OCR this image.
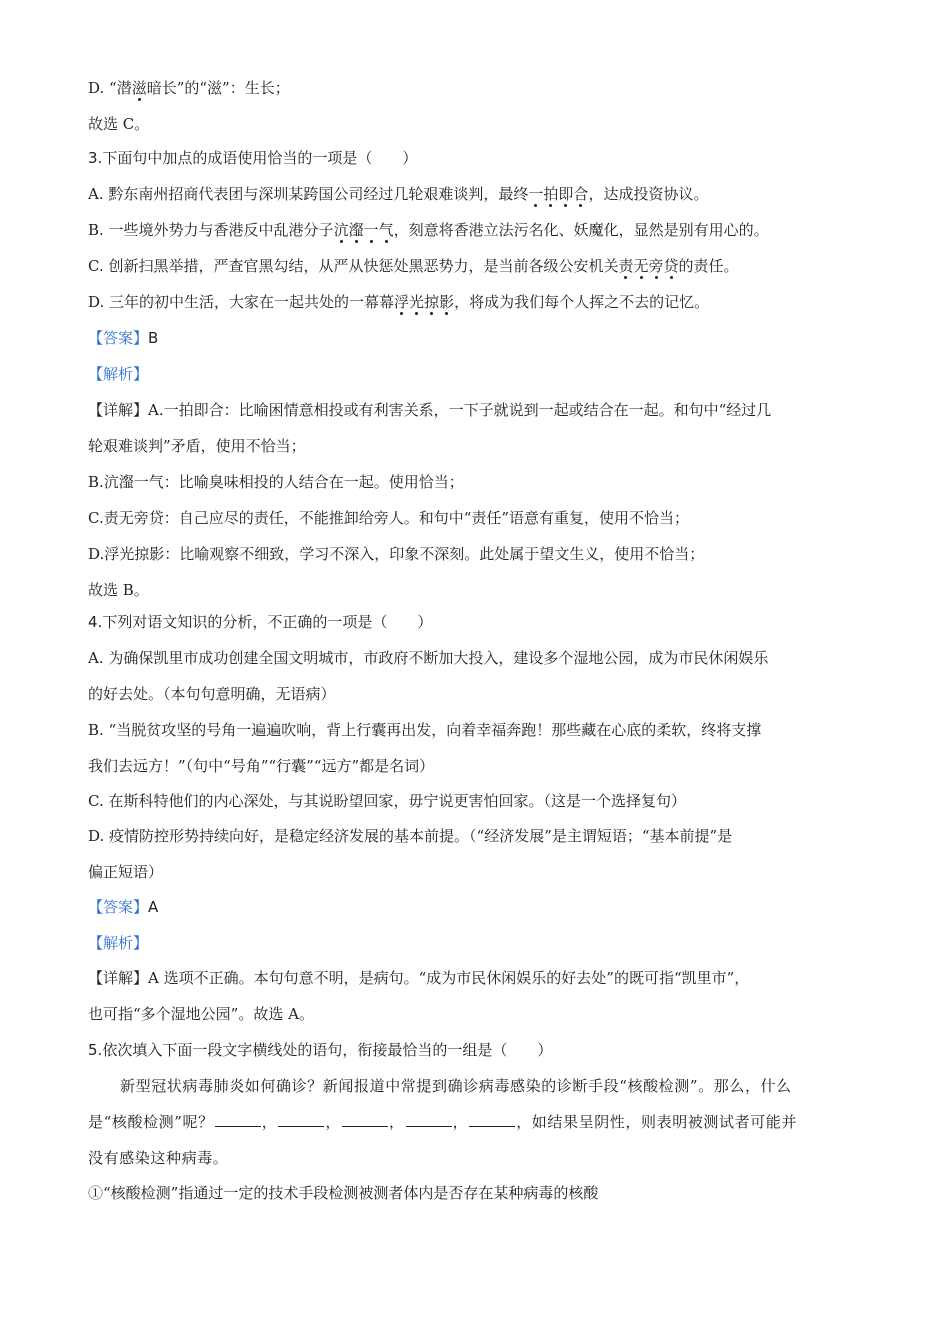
D. “潜滋暗长”的“滋”：生长；
故选 C。
3.下面句中加点的成语使用恰当的一项是（　　）
A. 黔东南州招商代表团与深圳某跨国公司经过几轮艰难谈判，最终一拍即合，达成投资协议。
B. 一些境外势力与香港反中乱港分子沆瀣一气，刻意将香港立法污名化、妖魔化，显然是别有用心的。
C. 创新扫黑举措，严查官黑勾结，从严从快惩处黑恶势力，是当前各级公安机关责无旁贷的责任。
D. 三年的初中生活，大家在一起共处的一幕幕浮光掠影，将成为我们每个人挥之不去的记忆。
【答案】B
【解析】
【详解】A.一拍即合：比喻困情意相投或有利害关系，一下子就说到一起或结合在一起。和句中“经过几
轮艰难谈判”矛盾，使用不恰当；
B.沆瀣一气：比喻臭味相投的人结合在一起。使用恰当；
C.责无旁贷：自己应尽的责任，不能推卸给旁人。和句中“责任”语意有重复，使用不恰当；
D.浮光掠影：比喻观察不细致，学习不深入，印象不深刻。此处属于望文生义，使用不恰当；
故选 B。
4.下列对语文知识的分析，不正确的一项是（　　）
A. 为确保凯里市成功创建全国文明城市，市政府不断加大投入，建设多个湿地公园，成为市民休闲娱乐
的好去处。（本句句意明确，无语病）
B. “当脱贫攻坚的号角一遍遍吹响，背上行囊再出发，向着幸福奔跑！那些藏在心底的柔软，终将支撑
我们去远方！”（句中“号角”“行囊”“远方”都是名词）
C. 在斯科特他们的内心深处，与其说盼望回家，毋宁说更害怕回家。（这是一个选择复句）
D. 疫情防控形势持续向好，是稳定经济发展的基本前提。（“经济发展”是主谓短语；“基本前提”是
偏正短语）
【答案】A
【解析】
【详解】A 选项不正确。本句句意不明，是病句。“成为市民休闲娱乐的好去处”的既可指“凯里市”，
也可指“多个湿地公园”。故选 A。
5.依次填入下面一段文字横线处的语句，衔接最恰当的一组是（　　）
新型冠状病毒肺炎如何确诊？新闻报道中常提到确诊病毒感染的诊断手段“核酸检测”。那么，什么
是“核酸检测”呢？	，	，	，	，	，如结果呈阴性，则表明被测试者可能并
没有感染这种病毒。
①“核酸检测”指通过一定的技术手段检测被测者体内是否存在某种病毒的核酸
